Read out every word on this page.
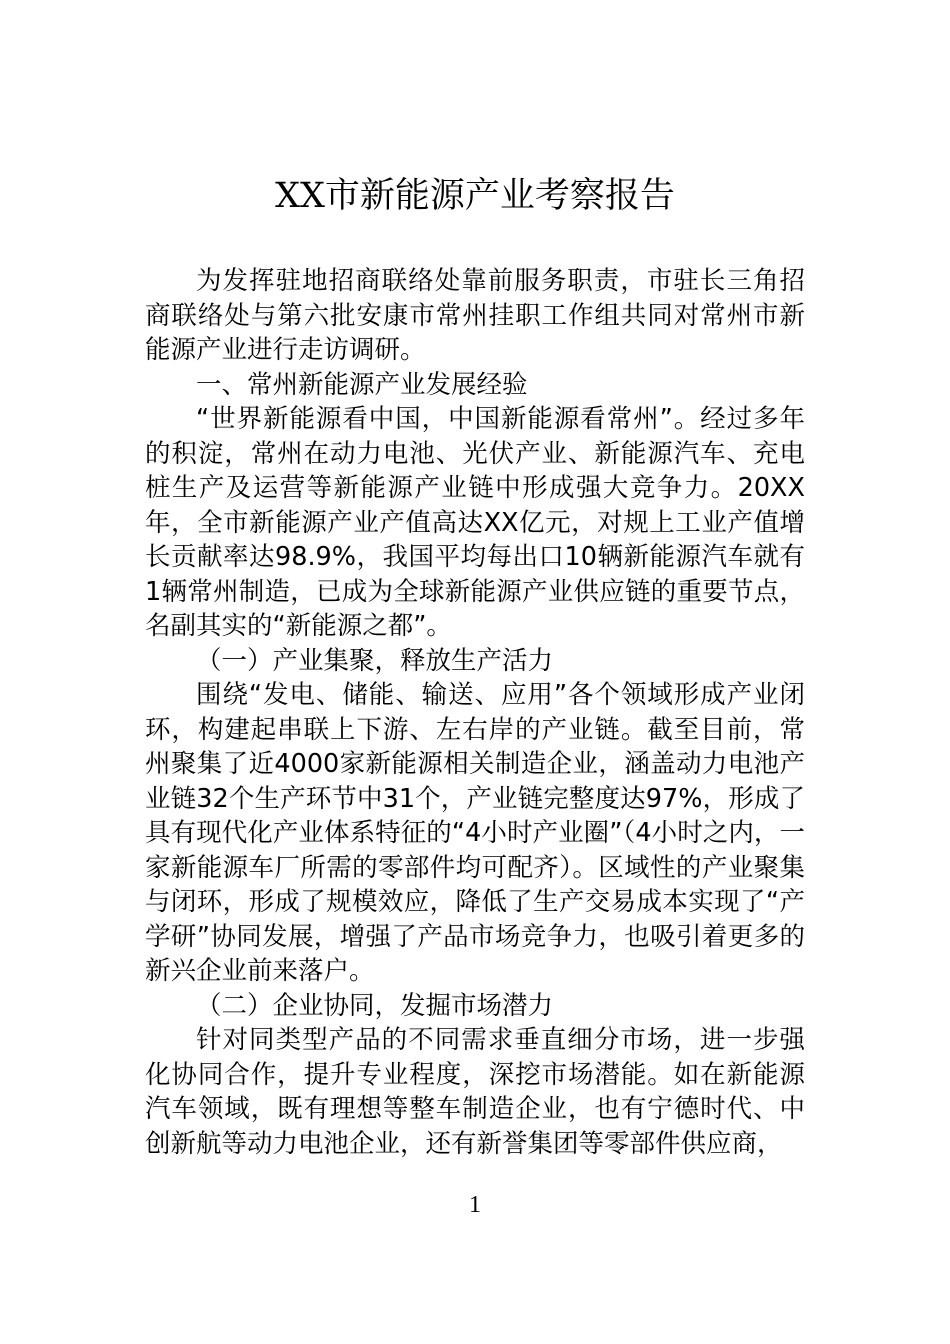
XX市新能源产业考察报告

为发挥驻地招商联络处靠前服务职责，市驻长三角招商联络处与第六批安康市常州挂职工作组共同对常州市新能源产业进行走访调研。

一、常州新能源产业发展经验

“世界新能源看中国，中国新能源看常州”。经过多年的积淀，常州在动力电池、光伏产业、新能源汽车、充电桩生产及运营等新能源产业链中形成强大竞争力。20XX年，全市新能源产业产值高达XX亿元，对规上工业产值增长贡献率达98.9%，我国平均每出口10辆新能源汽车就有1辆常州制造，已成为全球新能源产业供应链的重要节点，名副其实的“新能源之都”。

（一）产业集聚，释放生产活力

围绕“发电、储能、输送、应用”各个领域形成产业闭环，构建起串联上下游、左右岸的产业链。截至目前，常州聚集了近4000家新能源相关制造企业，涵盖动力电池产业链32个生产环节中31个，产业链完整度达97%，形成了具有现代化产业体系特征的“4小时产业圈”（4小时之内，一家新能源车厂所需的零部件均可配齐）。区域性的产业聚集与闭环，形成了规模效应，降低了生产交易成本实现了“产学研”协同发展，增强了产品市场竞争力，也吸引着更多的新兴企业前来落户。

（二）企业协同，发掘市场潜力

针对同类型产品的不同需求垂直细分市场，进一步强化协同合作，提升专业程度，深挖市场潜能。如在新能源汽车领域，既有理想等整车制造企业，也有宁德时代、中创新航等动力电池企业，还有新誉集团等零部件供应商，

1
